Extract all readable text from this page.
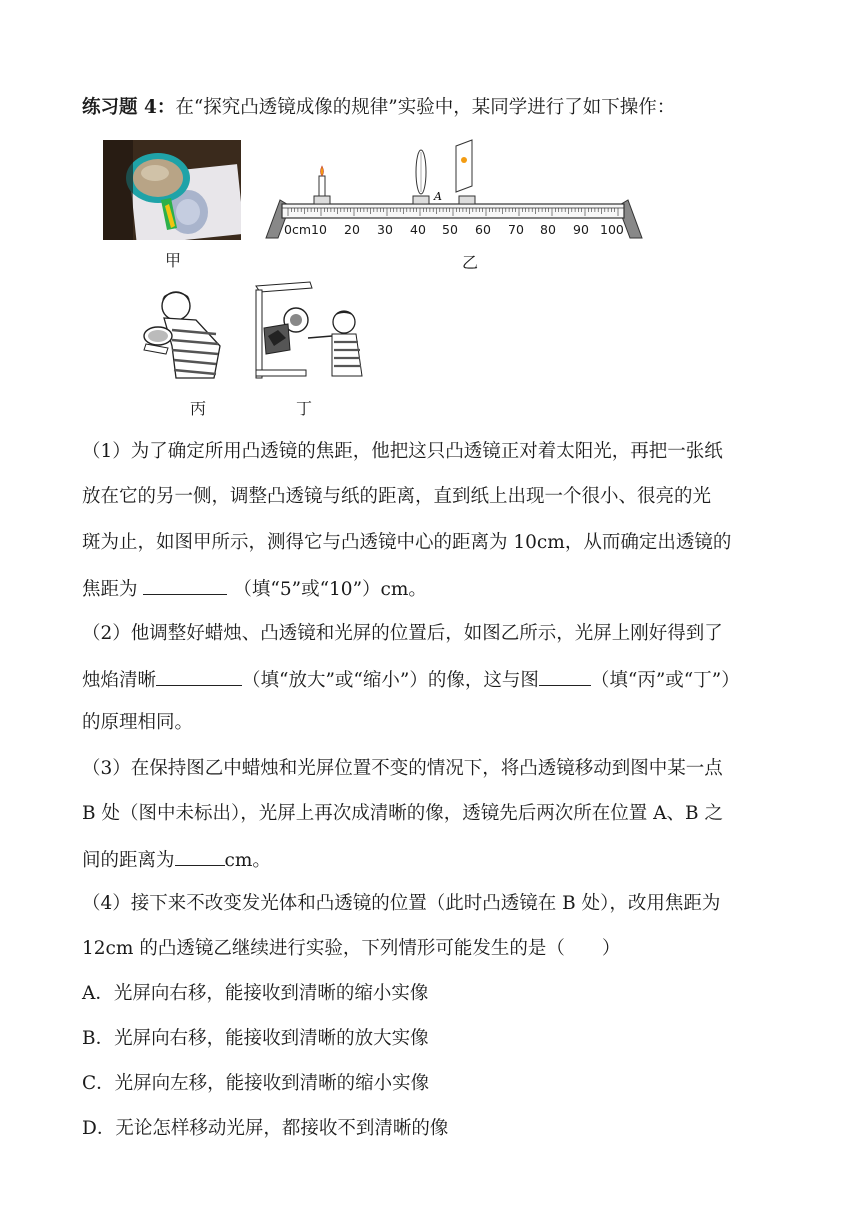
练习题 4：在“探究凸透镜成像的规律”实验中，某同学进行了如下操作：
甲
A
0cm10 20 30 40 50 60 70 80 90 100
乙
丙	丁
（1）为了确定所用凸透镜的焦距，他把这只凸透镜正对着太阳光，再把一张纸
放在它的另一侧，调整凸透镜与纸的距离，直到纸上出现一个很小、很亮的光
斑为止，如图甲所示，测得它与凸透镜中心的距离为 10cm，从而确定出透镜的
焦距为	（填“5”或“10”）cm。
（2）他调整好蜡烛、凸透镜和光屏的位置后，如图乙所示，光屏上刚好得到了
烛焰清晰	（填“放大”或“缩小”）的像，这与图	（填“丙”或“丁”）
的原理相同。
（3）在保持图乙中蜡烛和光屏位置不变的情况下，将凸透镜移动到图中某一点
B 处（图中未标出），光屏上再次成清晰的像，透镜先后两次所在位置 A、B 之
间的距离为	cm。
（4）接下来不改变发光体和凸透镜的位置（此时凸透镜在 B 处），改用焦距为
12cm 的凸透镜乙继续进行实验，下列情形可能发生的是（　　）
A．光屏向右移，能接收到清晰的缩小实像
B．光屏向右移，能接收到清晰的放大实像
C．光屏向左移，能接收到清晰的缩小实像
D．无论怎样移动光屏，都接收不到清晰的像
